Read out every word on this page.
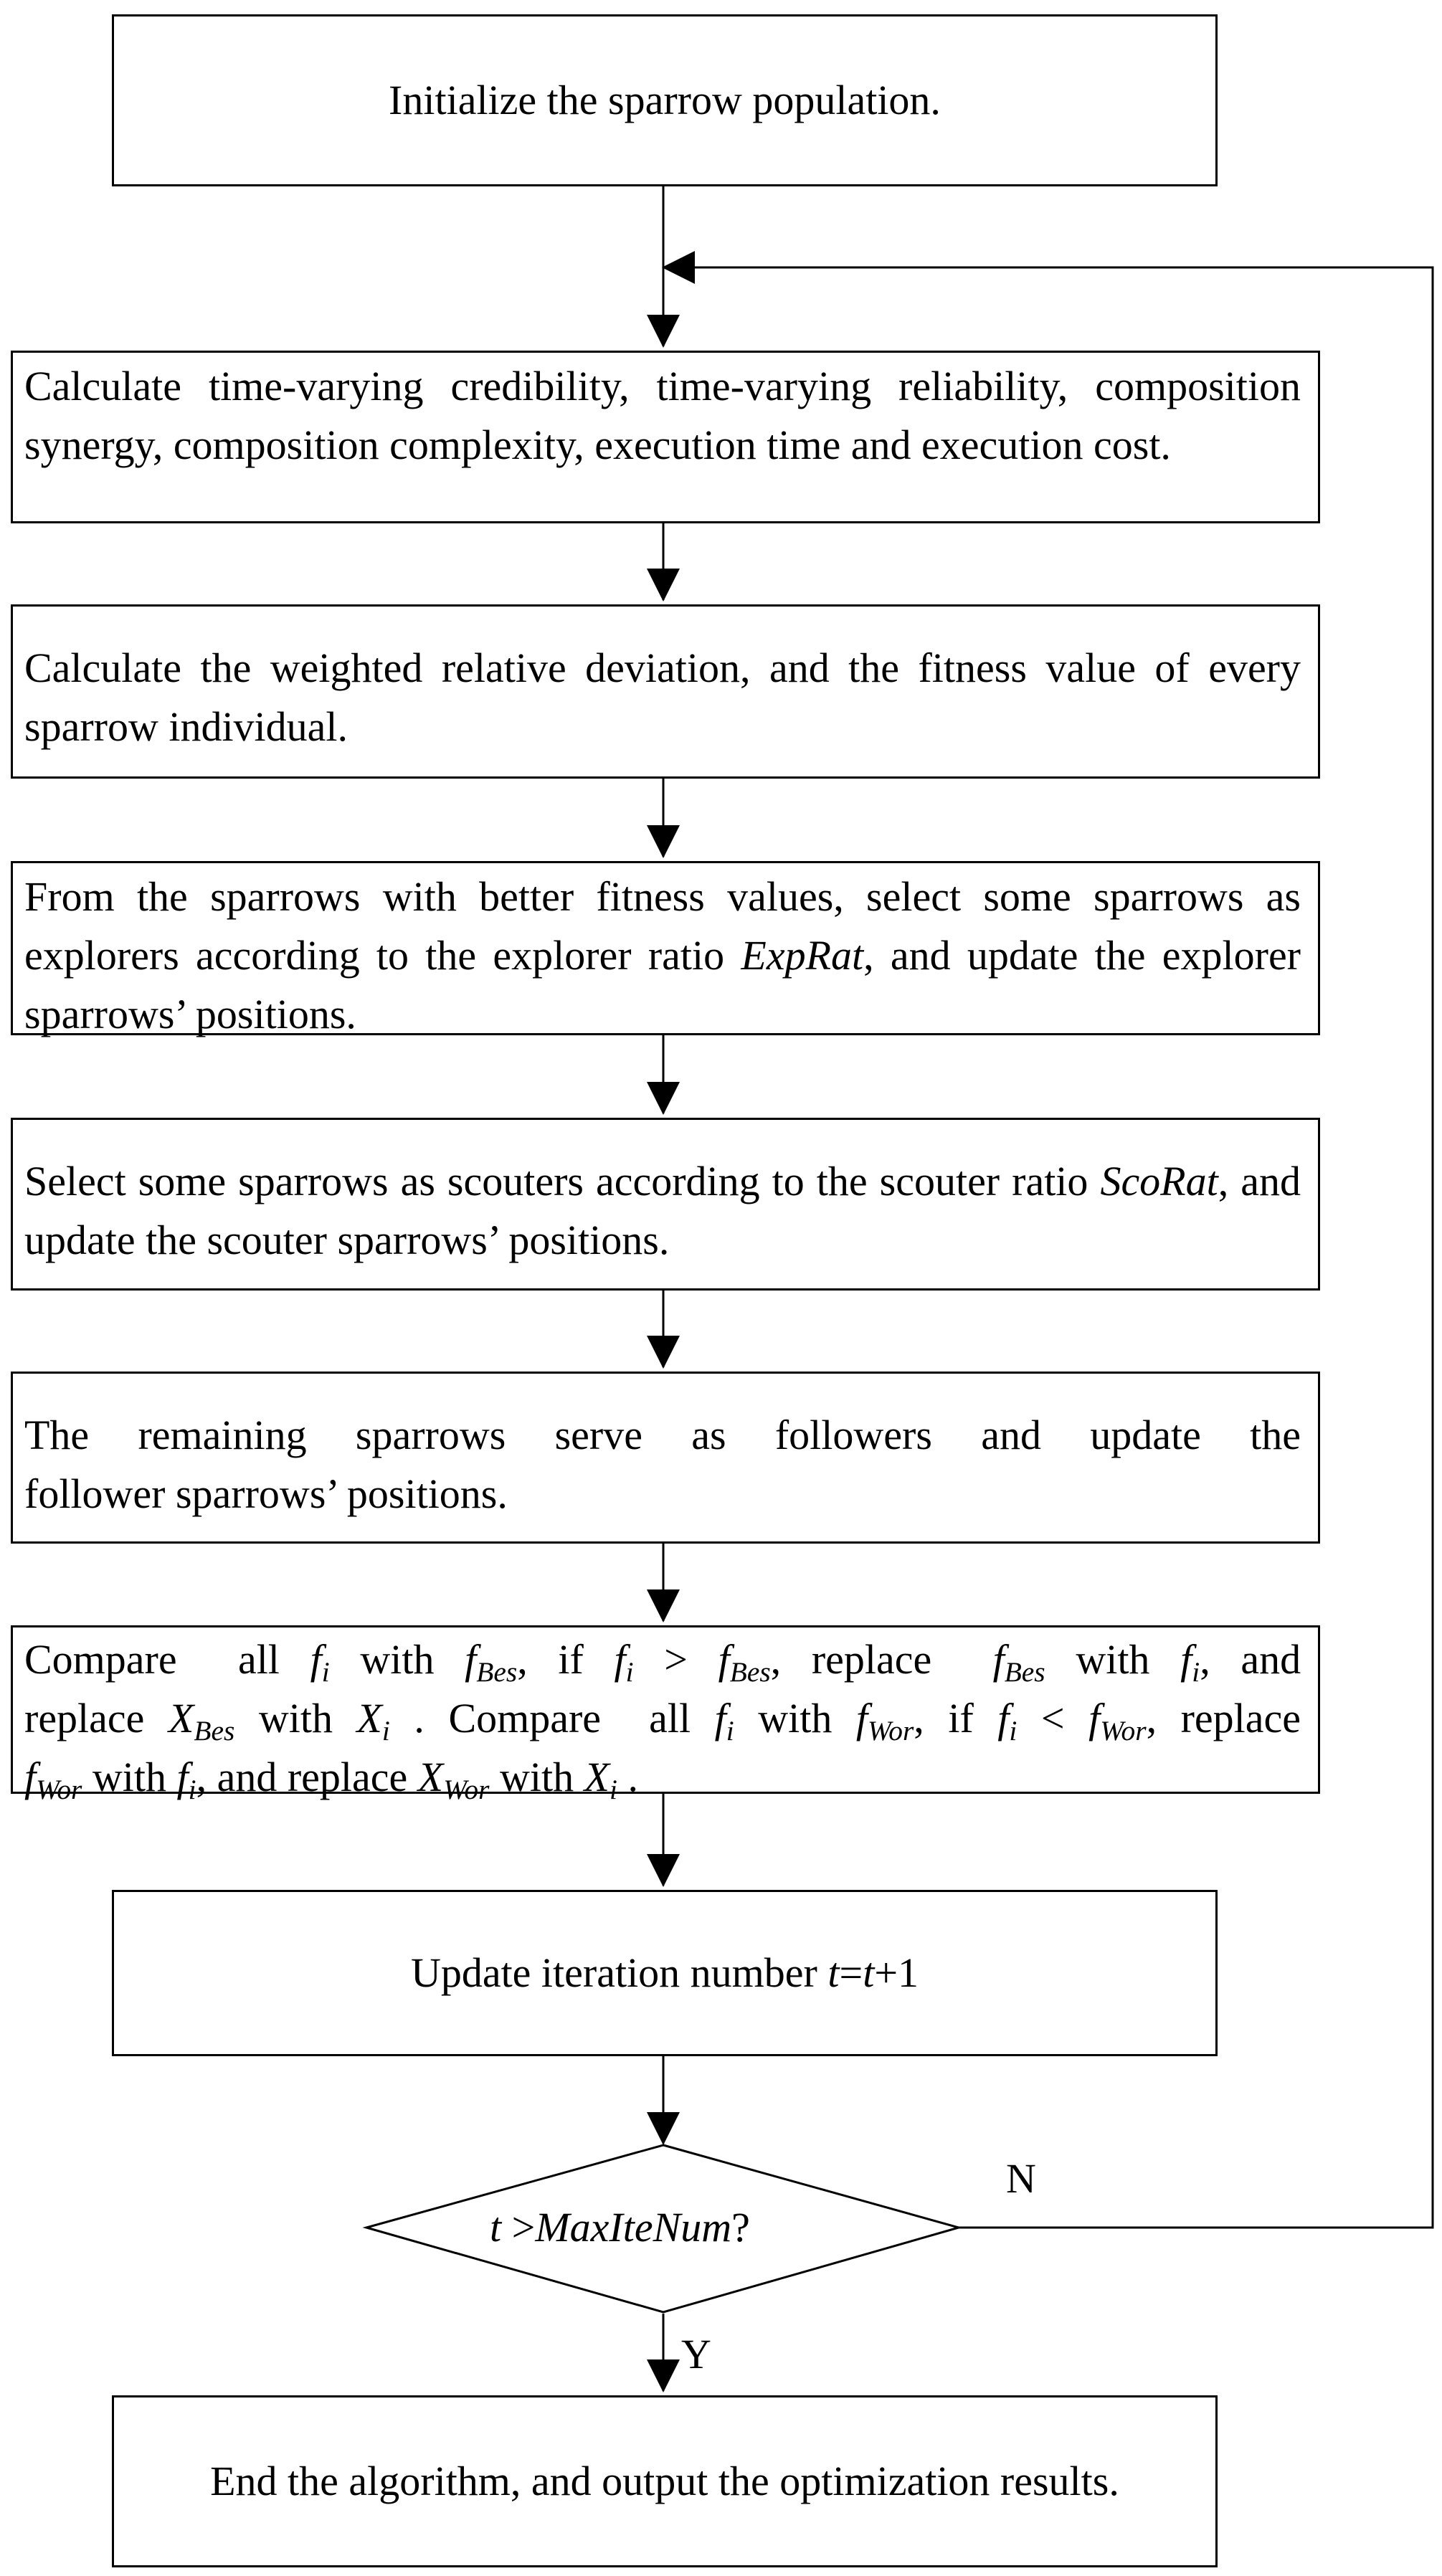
Initialize the sparrow population.
Calculate time-varying credibility, time-varying reliability, composition synergy, composition complexity, execution time and execution cost.
Calculate the weighted relative deviation, and the fitness value of every sparrow individual.
From the sparrows with better fitness values, select some sparrows as explorers according to the explorer ratio ExpRat, and update the explorer sparrows’ positions.
Select some sparrows as scouters according to the scouter ratio ScoRat, and update the scouter sparrows’ positions.
The remaining sparrows serve as followers and update the
follower sparrows’ positions.
Compare all $f_i$ with $f_{Bes}$, if $f_i > f_{Bes}$, replace $f_{Bes}$ with $f_i$, and
replace $X_{Bes}$ with $X_i$ . Compare all $f_i$ with $f_{Wor}$, if $f_i < f_{Wor}$, replace
$f_{Wor}$ with $f_i$, and replace $X_{Wor}$ with $X_i$ .
Update iteration number t=t+1
t >MaxIteNum?
N
Y
End the algorithm, and output the optimization results.
